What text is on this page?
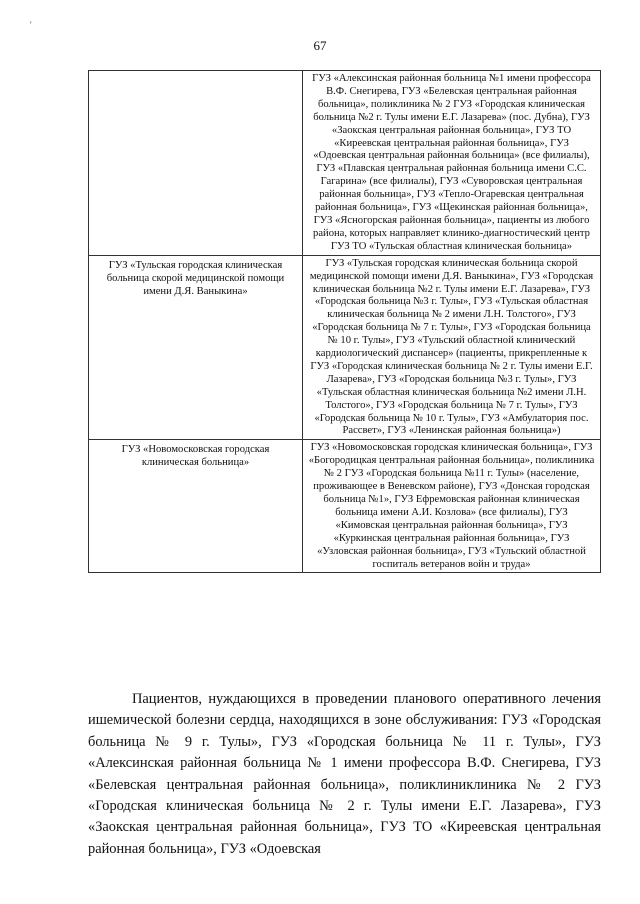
'
67
	ГУЗ «Алексинская районная больница №1 имени профессора В.Ф. Снегирева, ГУЗ «Белевская центральная районная больница», поликлиника № 2 ГУЗ «Городская клиническая больница №2 г. Тулы имени Е.Г. Лазарева» (пос. Дубна), ГУЗ «Заокская центральная районная больница», ГУЗ ТО «Киреевская центральная районная больница», ГУЗ «Одоевская центральная районная больница» (все филиалы), ГУЗ «Плавская центральная районная больница имени С.С. Гагарина» (все филиалы), ГУЗ «Суворовская центральная районная больница», ГУЗ «Тепло-Огаревская центральная районная больница», ГУЗ «Щекинская районная больница», ГУЗ «Ясногорская районная больница», пациенты из любого района, которых направляет клинико-диагностический центр ГУЗ ТО «Тульская областная клиническая больница»
ГУЗ «Тульская городская клиническая больница скорой медицинской помощи имени Д.Я. Ваныкина»	ГУЗ «Тульская городская клиническая больница скорой медицинской помощи имени Д.Я. Ваныкина», ГУЗ «Городская клиническая больница №2 г. Тулы имени Е.Г. Лазарева», ГУЗ «Городская больница №3 г. Тулы», ГУЗ «Тульская областная клиническая больница № 2 имени Л.Н. Толстого», ГУЗ «Городская больница № 7 г. Тулы», ГУЗ «Городская больница № 10 г. Тулы», ГУЗ «Тульский областной клинический кардиологический диспансер» (пациенты, прикрепленные к ГУЗ «Городская клиническая больница № 2 г. Тулы имени Е.Г. Лазарева», ГУЗ «Городская больница №3 г. Тулы», ГУЗ «Тульская областная клиническая больница №2 имени Л.Н. Толстого», ГУЗ «Городская больница № 7 г. Тулы», ГУЗ «Городская больница № 10 г. Тулы», ГУЗ «Амбулатория пос. Рассвет», ГУЗ «Ленинская районная больница»)
ГУЗ «Новомосковская городская клиническая больница»	ГУЗ «Новомосковская городская клиническая больница», ГУЗ «Богородицкая центральная районная больница», поликлиника № 2 ГУЗ «Городская больница №11 г. Тулы» (население, проживающее в Веневском районе), ГУЗ «Донская городская больница №1», ГУЗ Ефремовская районная клиническая больница имени А.И. Козлова» (все филиалы), ГУЗ «Кимовская центральная районная больница», ГУЗ «Куркинская центральная районная больница», ГУЗ «Узловская районная больница», ГУЗ «Тульский областной госпиталь ветеранов войн и труда»

Пациентов, нуждающихся в проведении планового оперативного лечения ишемической болезни сердца, находящихся в зоне обслуживания: ГУЗ «Городская больница № 9 г. Тулы», ГУЗ «Городская больница № 11 г. Тулы», ГУЗ «Алексинская районная больница № 1 имени профессора В.Ф. Снегирева, ГУЗ «Белевская центральная районная больница», поликлиниклиника № 2 ГУЗ «Городская клиническая больница № 2 г. Тулы имени Е.Г. Лазарева», ГУЗ «Заокская центральная районная больница», ГУЗ ТО «Киреевская центральная районная больница», ГУЗ «Одоевская
